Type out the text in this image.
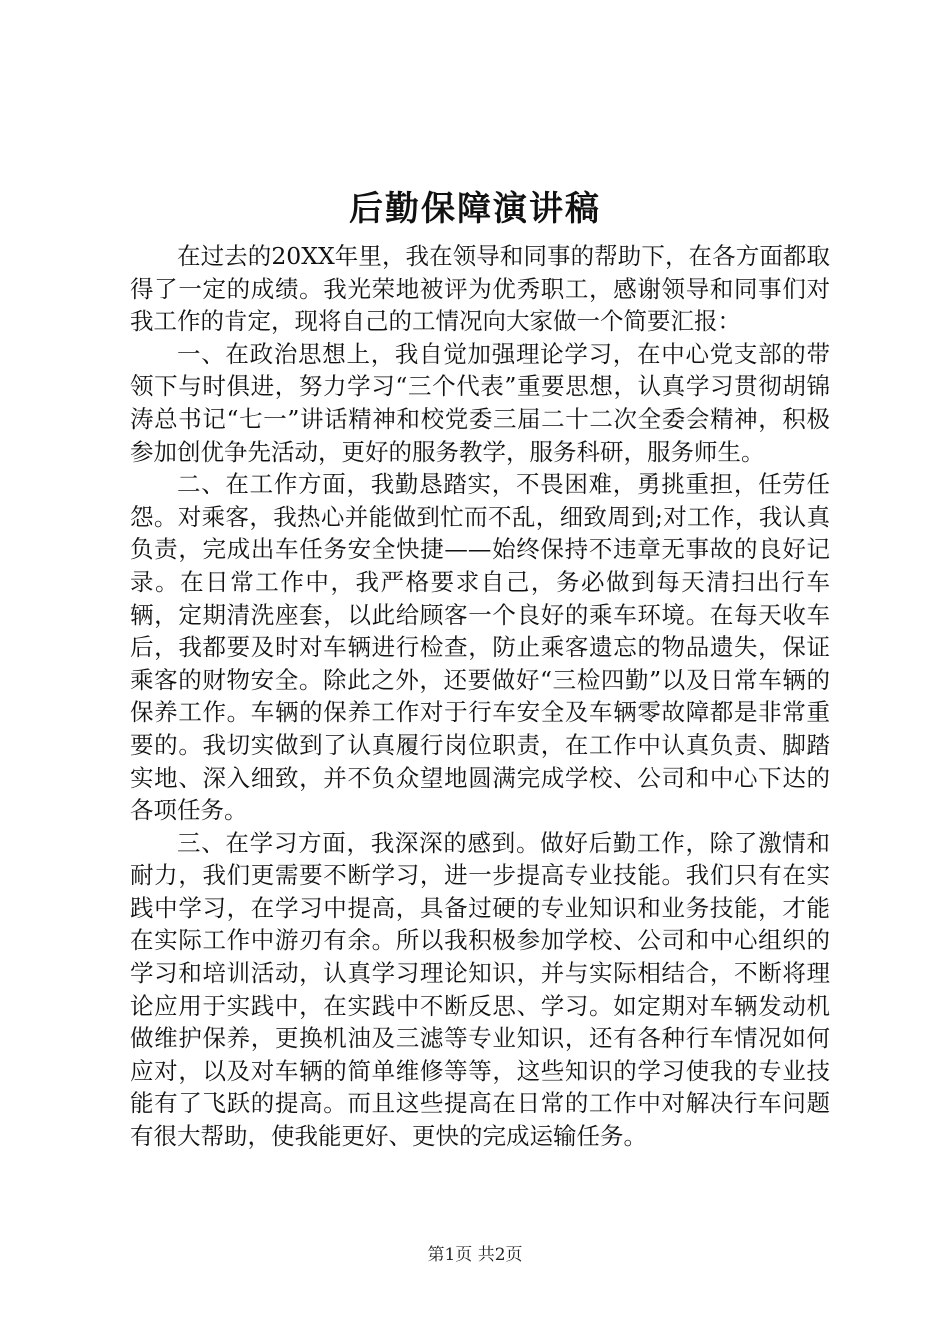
后勤保障演讲稿

在过去的20XX年里，我在领导和同事的帮助下，在各方面都取得了一定的成绩。我光荣地被评为优秀职工，感谢领导和同事们对我工作的肯定，现将自己的工情况向大家做一个简要汇报：

一、在政治思想上，我自觉加强理论学习，在中心党支部的带领下与时俱进，努力学习“三个代表”重要思想，认真学习贯彻胡锦涛总书记“七一”讲话精神和校党委三届二十二次全委会精神，积极参加创优争先活动，更好的服务教学，服务科研，服务师生。

二、在工作方面，我勤恳踏实，不畏困难，勇挑重担，任劳任怨。对乘客，我热心并能做到忙而不乱，细致周到;对工作，我认真负责，完成出车任务安全快捷——始终保持不违章无事故的良好记录。在日常工作中，我严格要求自己，务必做到每天清扫出行车辆，定期清洗座套，以此给顾客一个良好的乘车环境。在每天收车后，我都要及时对车辆进行检查，防止乘客遗忘的物品遗失，保证乘客的财物安全。除此之外，还要做好“三检四勤”以及日常车辆的保养工作。车辆的保养工作对于行车安全及车辆零故障都是非常重要的。我切实做到了认真履行岗位职责，在工作中认真负责、脚踏实地、深入细致，并不负众望地圆满完成学校、公司和中心下达的各项任务。

三、在学习方面，我深深的感到。做好后勤工作，除了激情和耐力，我们更需要不断学习，进一步提高专业技能。我们只有在实践中学习，在学习中提高，具备过硬的专业知识和业务技能，才能在实际工作中游刃有余。所以我积极参加学校、公司和中心组织的学习和培训活动，认真学习理论知识，并与实际相结合，不断将理论应用于实践中，在实践中不断反思、学习。如定期对车辆发动机做维护保养，更换机油及三滤等专业知识，还有各种行车情况如何应对，以及对车辆的简单维修等等，这些知识的学习使我的专业技能有了飞跃的提高。而且这些提高在日常的工作中对解决行车问题有很大帮助，使我能更好、更快的完成运输任务。

第1页 共2页
